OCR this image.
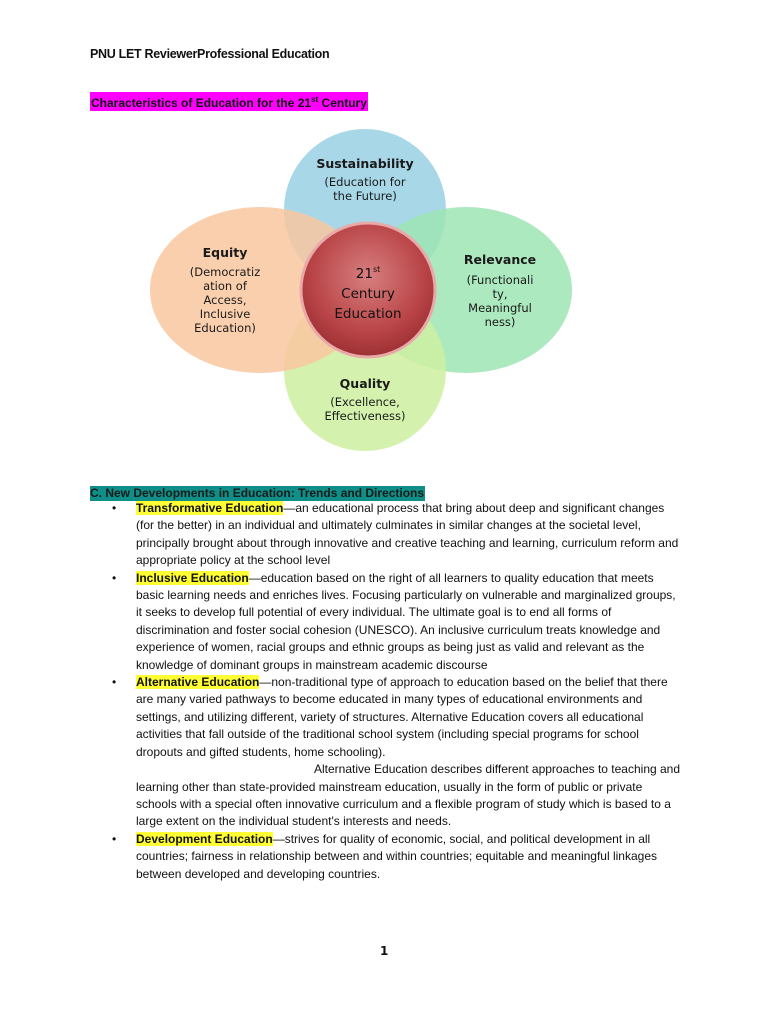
PNU LET ReviewerProfessional Education
Characteristics of Education for the 21st Century
Sustainability
(Education for
the Future)
Equity
(Democratiz
ation of
Access,
Inclusive
Education)
Relevance
(Functionali
ty,
Meaningful
ness)
Quality
(Excellence,
Effectiveness)
21st
Century
Education
C. New Developments in Education: Trends and Directions
• Transformative Education—an educational process that bring about deep and significant changes (for the better) in an individual and ultimately culminates in similar changes at the societal level, principally brought about through innovative and creative teaching and learning, curriculum reform and appropriate policy at the school level
• Inclusive Education—education based on the right of all learners to quality education that meets basic learning needs and enriches lives. Focusing particularly on vulnerable and marginalized groups, it seeks to develop full potential of every individual. The ultimate goal is to end all forms of discrimination and foster social cohesion (UNESCO). An inclusive curriculum treats knowledge and experience of women, racial groups and ethnic groups as being just as valid and relevant as the knowledge of dominant groups in mainstream academic discourse
• Alternative Education—non-traditional type of approach to education based on the belief that there are many varied pathways to become educated in many types of educational environments and settings, and utilizing different, variety of structures. Alternative Education covers all educational activities that fall outside of the traditional school system (including special programs for school dropouts and gifted students, home schooling).
Alternative Education describes different approaches to teaching and learning other than state-provided mainstream education, usually in the form of public or private schools with a special often innovative curriculum and a flexible program of study which is based to a large extent on the individual student's interests and needs.
• Development Education—strives for quality of economic, social, and political development in all countries; fairness in relationship between and within countries; equitable and meaningful linkages between developed and developing countries.
1
